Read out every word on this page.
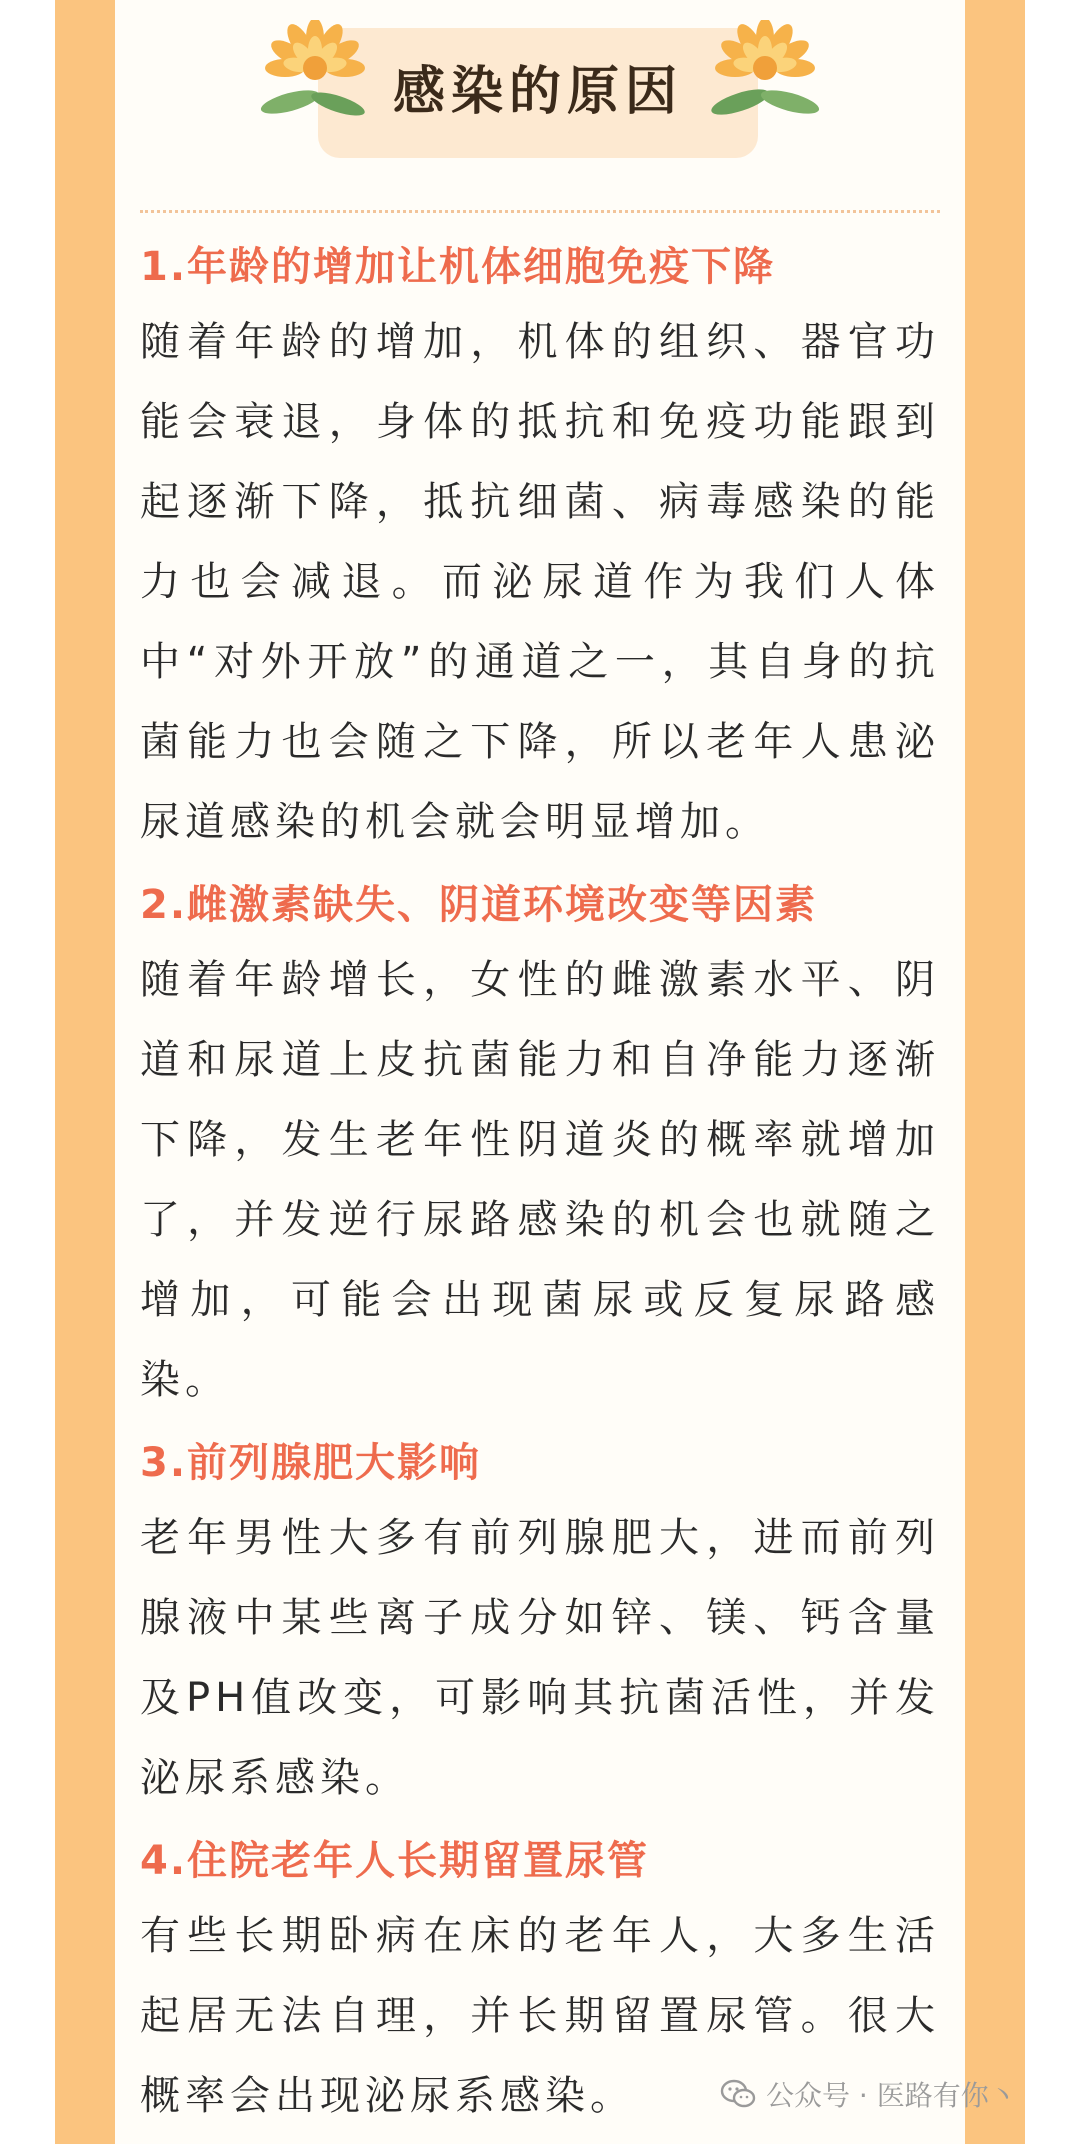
感染的原因
1.年龄的增加让机体细胞免疫下降

随着年龄的增加，机体的组织、器官功能会衰退，身体的抵抗和免疫功能跟到起逐渐下降，抵抗细菌、病毒感染的能力也会减退。而泌尿道作为我们人体中“对外开放”的通道之一，其自身的抗菌能力也会随之下降，所以老年人患泌尿道感染的机会就会明显增加。

2.雌激素缺失、阴道环境改变等因素

随着年龄增长，女性的雌激素水平、阴道和尿道上皮抗菌能力和自净能力逐渐下降，发生老年性阴道炎的概率就增加了，并发逆行尿路感染的机会也就随之增加，可能会出现菌尿或反复尿路感染。

3.前列腺肥大影响

老年男性大多有前列腺肥大，进而前列腺液中某些离子成分如锌、镁、钙含量及PH值改变，可影响其抗菌活性，并发泌尿系感染。

4.住院老年人长期留置尿管

有些长期卧病在床的老年人，大多生活起居无法自理，并长期留置尿管。很大概率会出现泌尿系感染。	公众号 · 医路有你丶
